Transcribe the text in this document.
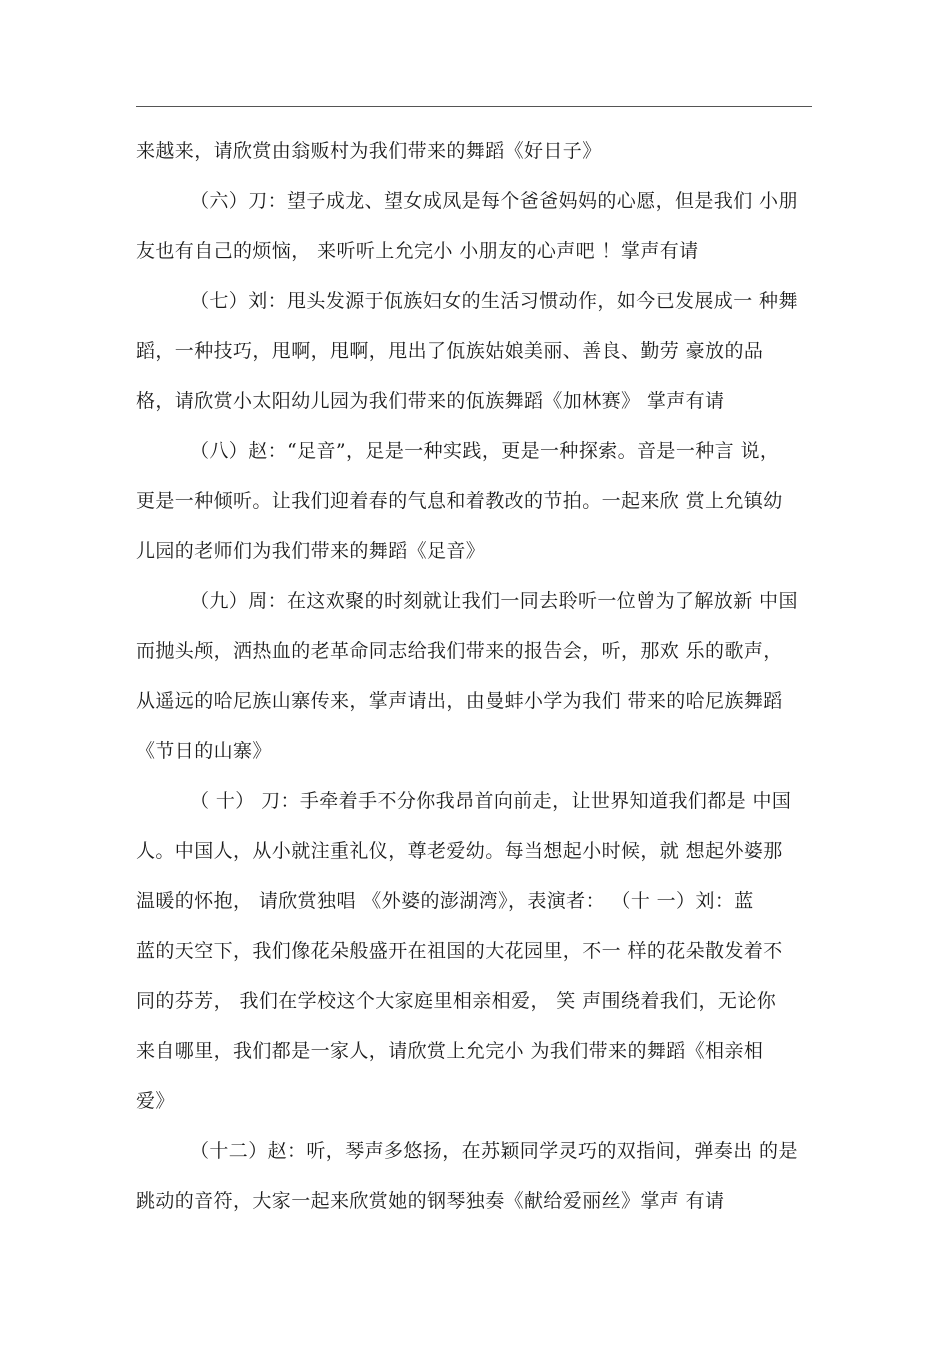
来越来，请欣赏由翁贩村为我们带来的舞蹈《好日子》
（六）刀：望子成龙、望女成凤是每个爸爸妈妈的心愿，但是我们 小朋
友也有自己的烦恼， 来听听上允完小 小朋友的心声吧 ！掌声有请
（七）刘：甩头发源于佤族妇女的生活习惯动作，如今已发展成一 种舞
蹈，一种技巧，甩啊，甩啊，甩出了佤族姑娘美丽、善良、勤劳 豪放的品
格，请欣赏小太阳幼儿园为我们带来的佤族舞蹈《加林赛》 掌声有请
（八）赵：“足音”，足是一种实践，更是一种探索。音是一种言 说，
更是一种倾听。让我们迎着春的气息和着教改的节拍。一起来欣 赏上允镇幼
儿园的老师们为我们带来的舞蹈《足音》
（九）周：在这欢聚的时刻就让我们一同去聆听一位曾为了解放新 中国
而抛头颅，洒热血的老革命同志给我们带来的报告会，听，那欢 乐的歌声，
从遥远的哈尼族山寨传来，掌声请出，由曼蚌小学为我们 带来的哈尼族舞蹈
《节日的山寨》
（ 十） 刀：手牵着手不分你我昂首向前走，让世界知道我们都是 中国
人。中国人，从小就注重礼仪，尊老爱幼。每当想起小时候，就 想起外婆那
温暖的怀抱， 请欣赏独唱 《外婆的澎湖湾》，表演者： （十 一）刘：蓝
蓝的天空下，我们像花朵般盛开在祖国的大花园里，不一 样的花朵散发着不
同的芬芳， 我们在学校这个大家庭里相亲相爱， 笑 声围绕着我们，无论你
来自哪里，我们都是一家人，请欣赏上允完小 为我们带来的舞蹈《相亲相
爱》
（十二）赵：听，琴声多悠扬，在苏颖同学灵巧的双指间，弹奏出 的是
跳动的音符，大家一起来欣赏她的钢琴独奏《献给爱丽丝》掌声 有请
